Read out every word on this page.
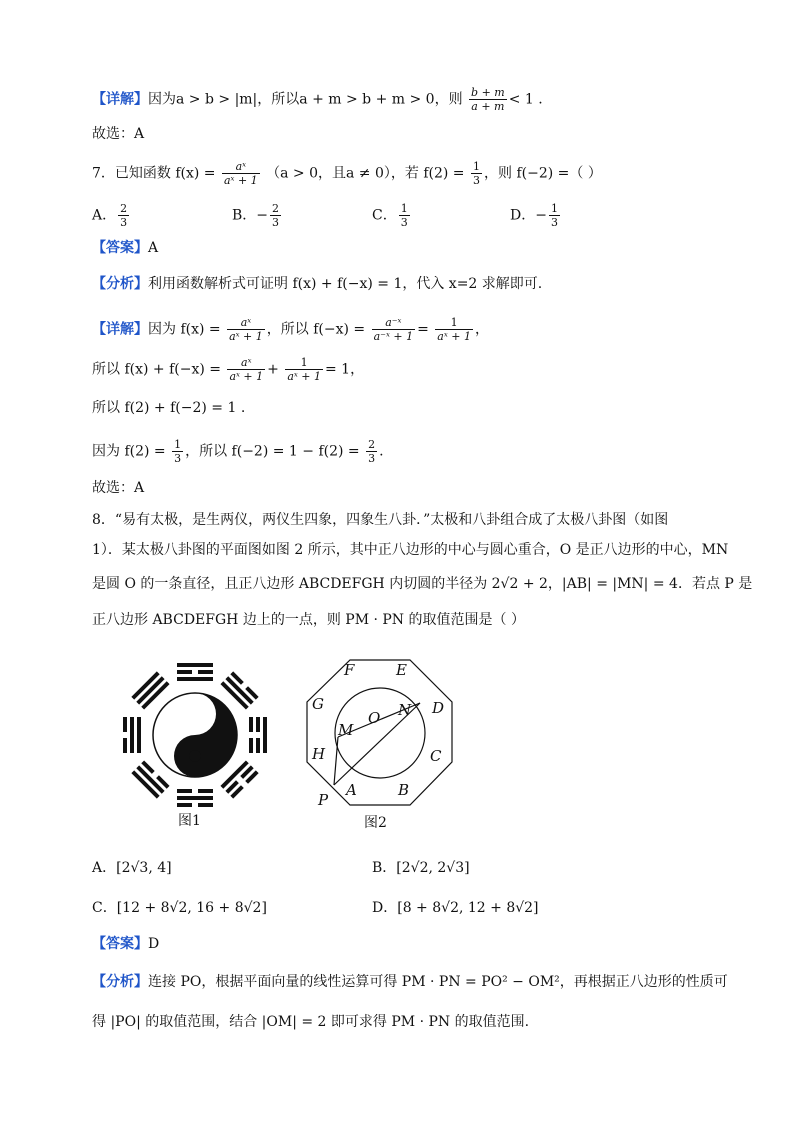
【详解】因为a > b > |m|，所以a + m > b + m > 0，则 $\frac{b + m}{a + m} < 1$ .
故选：A
7．已知函数 $f(x) = \frac{\text{aˣ}}{\text{aˣ + 1}} (a > 0$，且a ≠ 0），若 $f(2) = \frac{1}{3}$ ，则 f(−2) =（ ）
A． $\frac{2}{3}$	B．− $\frac{2}{3}$	C． $\frac{1}{3}$	D．− $\frac{1}{3}$
【答案】A
【分析】利用函数解析式可证明 f(x) + f(−x) = 1，代入 x=2 求解即可.
【详解】因为 $f(x) = \frac{\text{aˣ}}{\text{aˣ + 1}}$ ，所以 $f(-x) = \frac{\text{a⁻ˣ}}{\text{a⁻ˣ + 1}} = \frac{1}{\text{aˣ + 1}}$ ，
所以 $f(x) + f(-x) = \frac{\text{aˣ}}{\text{aˣ + 1}} + \frac{1}{\text{aˣ + 1}} = 1$，
所以 f(2) + f(−2) = 1 .
因为 $f(2) = \frac{1}{3}$ ，所以 $f(-2) = 1 - f(2) = \frac{2}{3}$ .
故选：A
8．“易有太极，是生两仪，两仪生四象，四象生八卦．”太极和八卦组合成了太极八卦图（如图
1）．某太极八卦图的平面图如图 2 所示，其中正八边形的中心与圆心重合，O 是正八边形的中心，MN
是圆 O 的一条直径，且正八边形 ABCDEFGH 内切圆的半径为 2√2 + 2，|AB| = |MN| = 4．若点 P 是
正八边形 ABCDEFGH 边上的一点，则 PM · PN 的取值范围是（ ）
图1
F	E
G	D
O N
M
H	C
A	B
P
图2
A．[2√3, 4]	B．[2√2, 2√3]
C．[12 + 8√2, 16 + 8√2]	D．[8 + 8√2, 12 + 8√2]
【答案】D
【分析】连接 PO，根据平面向量的线性运算可得 PM · PN = PO² − OM²，再根据正八边形的性质可
得 |PO| 的取值范围，结合 |OM| = 2 即可求得 PM · PN 的取值范围.
